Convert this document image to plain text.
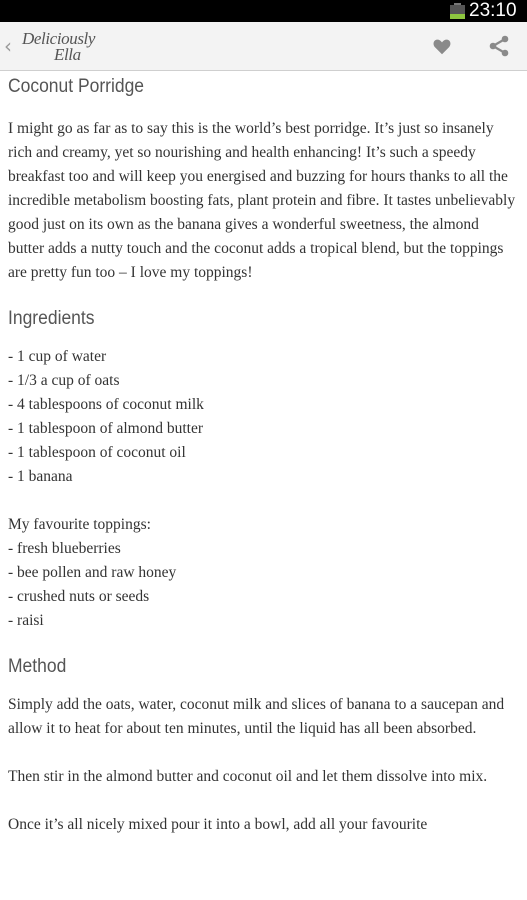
23:10
‹ Deliciously
Ella
Coconut Porridge

I might go as far as to say this is the world’s best porridge. It’s just so insanely rich and creamy, yet so nourishing and health enhancing! It’s such a speedy breakfast too and will keep you energised and buzzing for hours thanks to all the incredible metabolism boosting fats, plant protein and fibre. It tastes unbelievably good just on its own as the banana gives a wonderful sweetness, the almond butter adds a nutty touch and the coconut adds a tropical blend, but the toppings are pretty fun too – I love my toppings!

Ingredients
- 1 cup of water
- 1/3 a cup of oats
- 4 tablespoons of coconut milk
- 1 tablespoon of almond butter
- 1 tablespoon of coconut oil
- 1 banana
My favourite toppings:
- fresh blueberries
- bee pollen and raw honey
- crushed nuts or seeds
- raisi
Method

Simply add the oats, water, coconut milk and slices of banana to a saucepan and allow it to heat for about ten minutes, until the liquid has all been absorbed.

Then stir in the almond butter and coconut oil and let them dissolve into mix.

Once it’s all nicely mixed pour it into a bowl, add all your favourite
